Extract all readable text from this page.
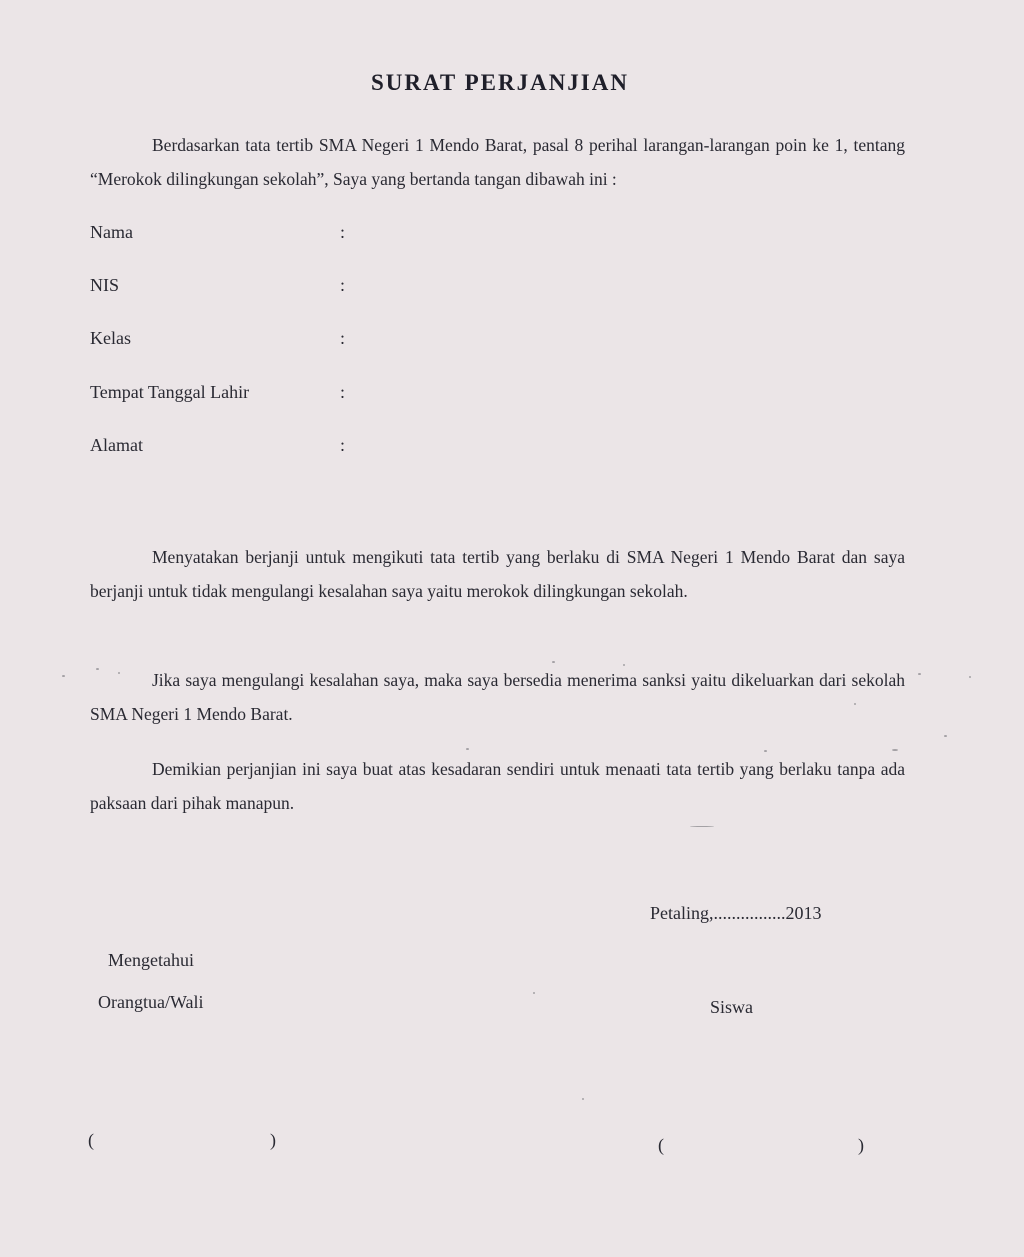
SURAT PERJANJIAN

Berdasarkan tata tertib SMA Negeri 1 Mendo Barat, pasal 8 perihal larangan-larangan poin ke 1, tentang “Merokok dilingkungan sekolah”, Saya yang bertanda tangan dibawah ini :

Nama	:
NIS	:
Kelas	:
Tempat Tanggal Lahir	:
Alamat	:

Menyatakan berjanji untuk mengikuti tata tertib yang berlaku di SMA Negeri 1 Mendo Barat dan saya berjanji untuk tidak mengulangi kesalahan saya yaitu merokok dilingkungan sekolah.

Jika saya mengulangi kesalahan saya, maka saya bersedia menerima sanksi yaitu dikeluarkan dari sekolah SMA Negeri 1 Mendo Barat.

Demikian perjanjian ini saya buat atas kesadaran sendiri untuk menaati tata tertib yang berlaku tanpa ada paksaan dari pihak manapun.

Petaling,................2013
Mengetahui
Orangtua/Wali	Siswa
(	)	(	)
